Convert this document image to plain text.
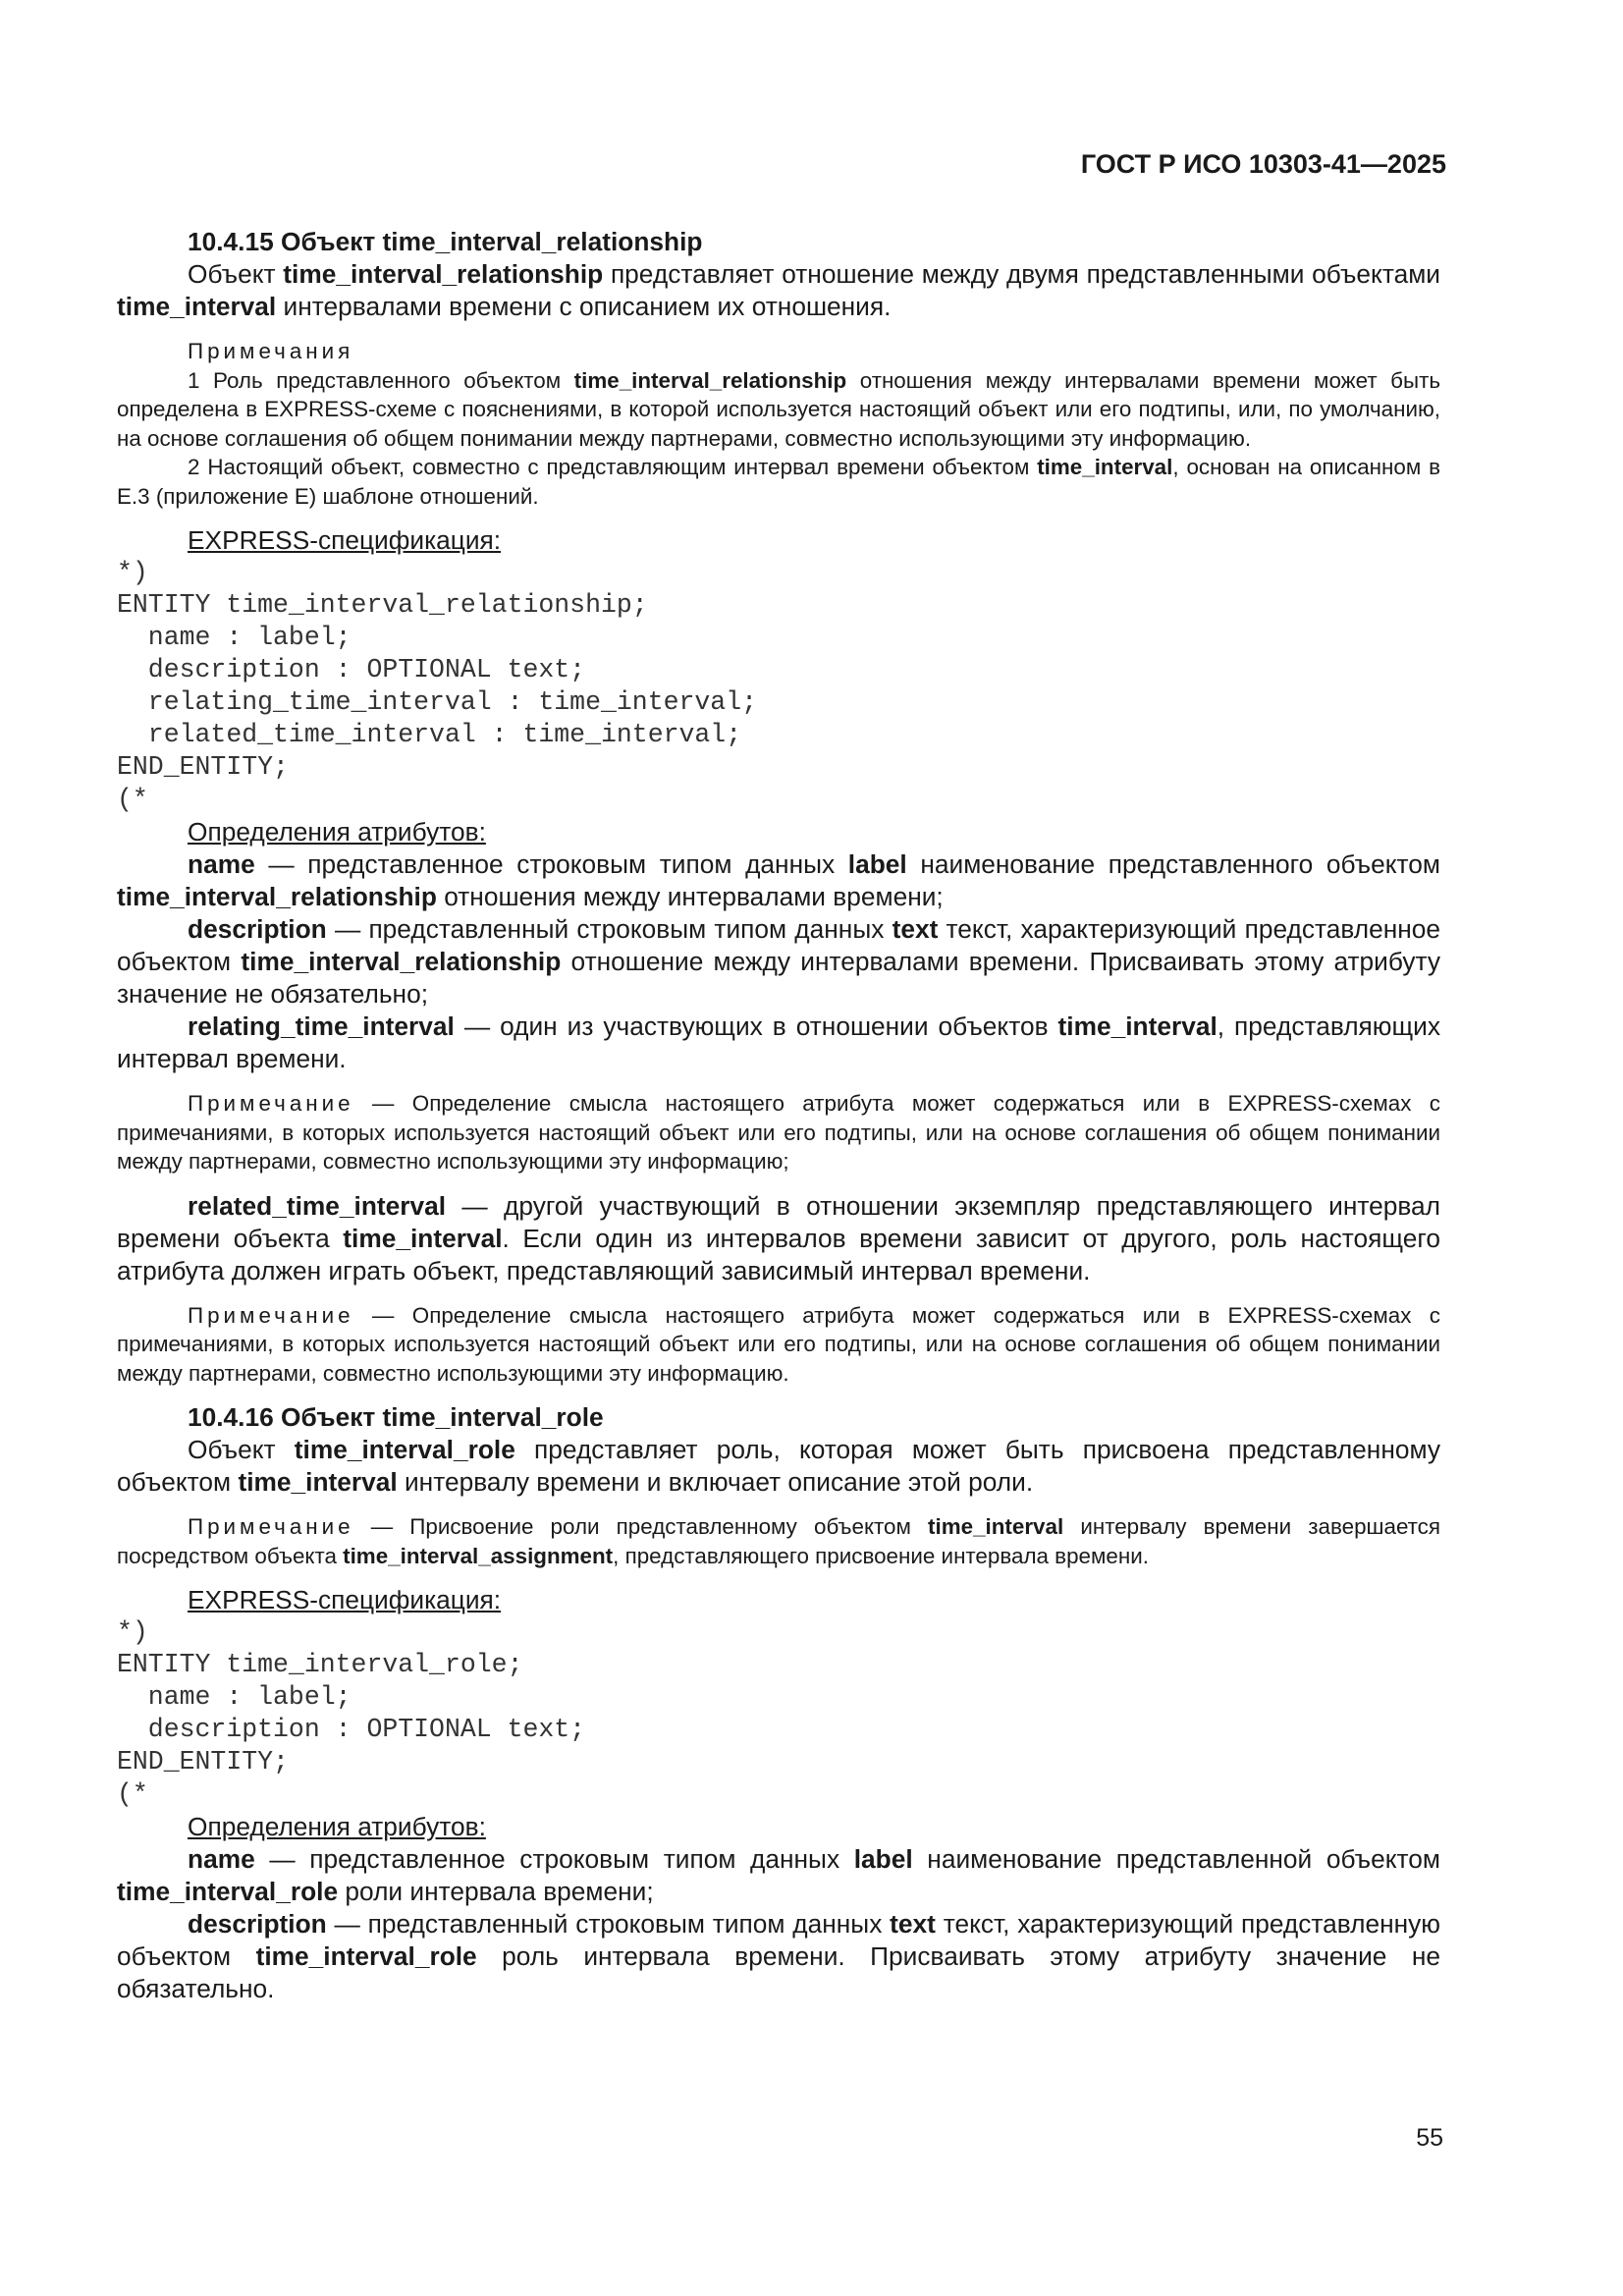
ГОСТ Р ИСО 10303-41—2025

10.4.15 Объект time_interval_relationship

Объект time_interval_relationship представляет отношение между двумя представленными объектами time_interval интервалами времени с описанием их отношения.

Примечания

1 Роль представленного объектом time_interval_relationship отношения между интервалами времени может быть определена в EXPRESS-схеме с пояснениями, в которой используется настоящий объект или его подтипы, или, по умолчанию, на основе соглашения об общем понимании между партнерами, совместно использующими эту информацию.

2 Настоящий объект, совместно с представляющим интервал времени объектом time_interval, основан на описанном в Е.3 (приложение Е) шаблоне отношений.

EXPRESS-спецификация:

*)
ENTITY time_interval_relationship;
name : label;
description : OPTIONAL text;
relating_time_interval : time_interval;
related_time_interval : time_interval;
END_ENTITY;
(*

Определения атрибутов:

name — представленное строковым типом данных label наименование представленного объектом time_interval_relationship отношения между интервалами времени;

description — представленный строковым типом данных text текст, характеризующий представленное объектом time_interval_relationship отношение между интервалами времени. Присваивать этому атрибуту значение не обязательно;

relating_time_interval — один из участвующих в отношении объектов time_interval, представляющих интервал времени.

Примечание — Определение смысла настоящего атрибута может содержаться или в EXPRESS-схемах с примечаниями, в которых используется настоящий объект или его подтипы, или на основе соглашения об общем понимании между партнерами, совместно использующими эту информацию;

related_time_interval — другой участвующий в отношении экземпляр представляющего интервал времени объекта time_interval. Если один из интервалов времени зависит от другого, роль настоящего атрибута должен играть объект, представляющий зависимый интервал времени.

Примечание — Определение смысла настоящего атрибута может содержаться или в EXPRESS-схемах с примечаниями, в которых используется настоящий объект или его подтипы, или на основе соглашения об общем понимании между партнерами, совместно использующими эту информацию.

10.4.16 Объект time_interval_role

Объект time_interval_role представляет роль, которая может быть присвоена представленному объектом time_interval интервалу времени и включает описание этой роли.

Примечание — Присвоение роли представленному объектом time_interval интервалу времени завершается посредством объекта time_interval_assignment, представляющего присвоение интервала времени.

EXPRESS-спецификация:

*)
ENTITY time_interval_role;
name : label;
description : OPTIONAL text;
END_ENTITY;
(*

Определения атрибутов:

name — представленное строковым типом данных label наименование представленной объектом time_interval_role роли интервала времени;

description — представленный строковым типом данных text текст, характеризующий представленную объектом time_interval_role роль интервала времени. Присваивать этому атрибуту значение не обязательно.

55
